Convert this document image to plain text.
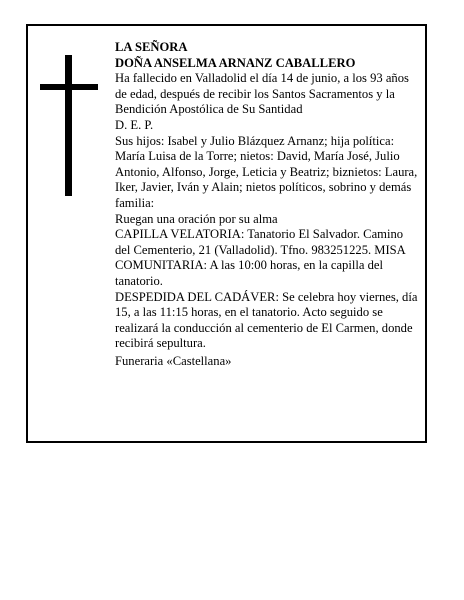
LA SEÑORA

DOÑA ANSELMA ARNANZ CABALLERO

Ha fallecido en Valladolid el día 14 de junio, a los 93 años de edad, después de recibir los Santos Sacramentos y la Bendición Apostólica de Su Santidad

D. E. P.

Sus hijos: Isabel y Julio Blázquez Arnanz; hija política: María Luisa de la Torre; nietos: David, María José, Julio Antonio, Alfonso, Jorge, Leticia y Beatriz; biznietos: Laura, Iker, Javier, Iván y Alain; nietos políticos, sobrino y demás familia:

Ruegan una oración por su alma

CAPILLA VELATORIA: Tanatorio El Salvador. Camino del Cementerio, 21 (Valladolid). Tfno. 983251225. MISA COMUNITARIA: A las 10:00 horas, en la capilla del tanatorio.

DESPEDIDA DEL CADÁVER: Se celebra hoy viernes, día 15, a las 11:15 horas, en el tanatorio. Acto seguido se realizará la conducción al cementerio de El Carmen, donde recibirá sepultura.

Funeraria «Castellana»
